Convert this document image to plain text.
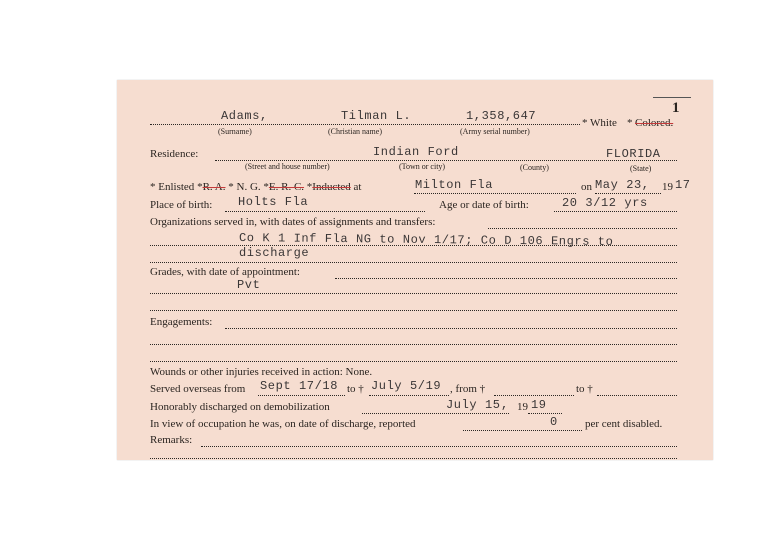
1
Adams,	Tilman L.	1,358,647
(Surname)	(Christian name)	(Army serial number)
* White * Colored.
Residence:	Indian Ford	FLORIDA
(Street and house number)	(Town or city)	(County)	(State)
* Enlisted *R. A. * N. G. *E. R. C. *Inducted at	Milton Fla	on May 23, 19 17
Place of birth: Holts Fla	Age or date of birth:	20 3/12 yrs
Organizations served in, with dates of assignments and transfers:
Co K 1 Inf Fla NG to Nov 1/17; Co D 106 Engrs to
discharge
Grades, with date of appointment:
Pvt
Engagements:
Wounds or other injuries received in action: None.
Served overseas from Sept 17/18 to † July 5/19 , from †	to †
Honorably discharged on demobilization	July 15 , 19 19
In view of occupation he was, on date of discharge, reported	0 per cent disabled.
Remarks:
